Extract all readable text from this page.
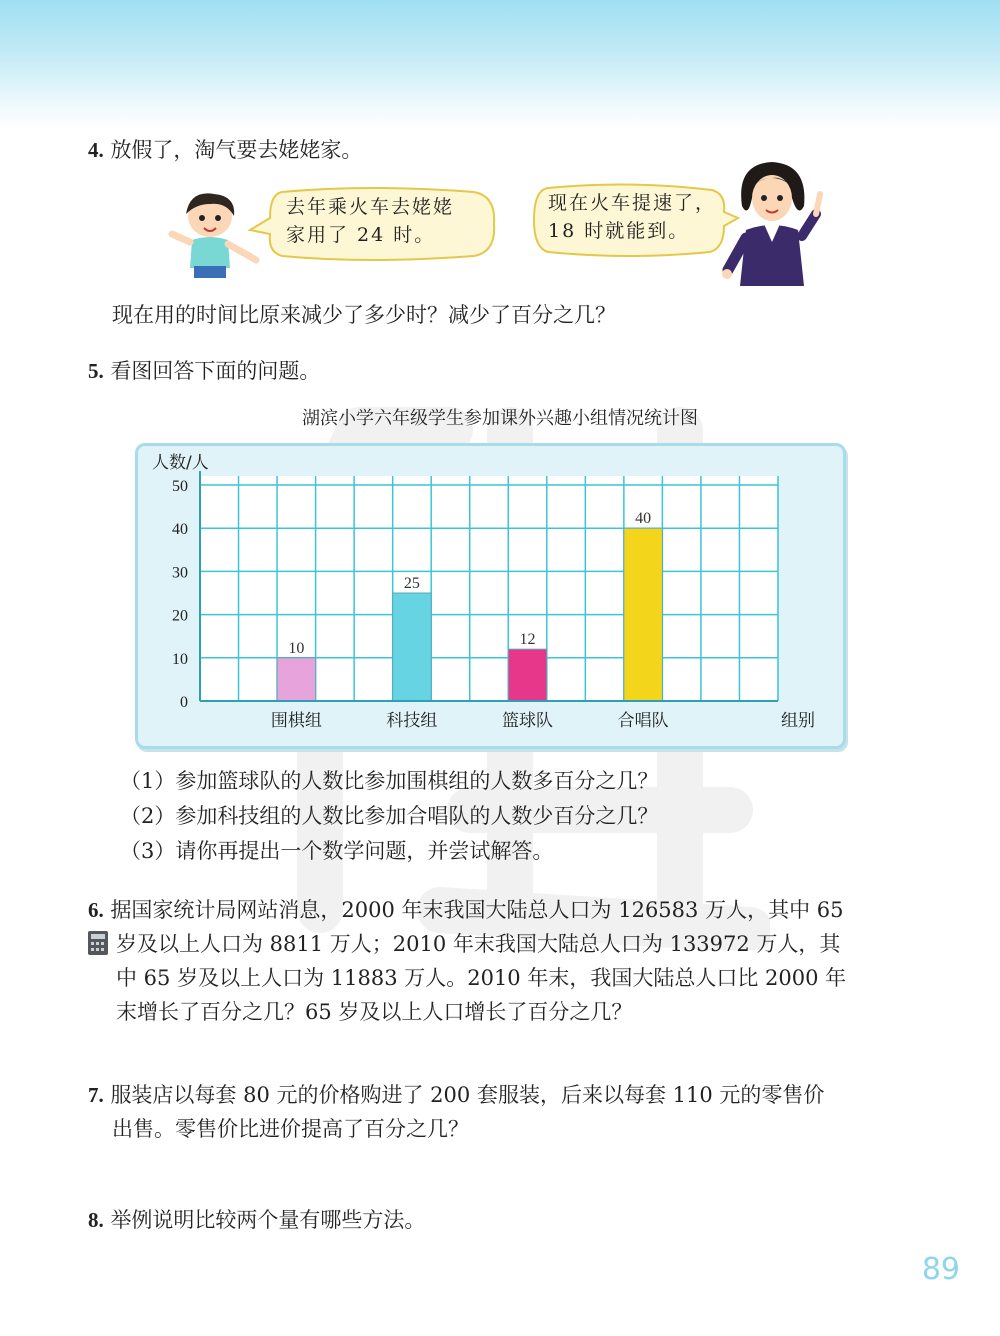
4. 放假了，淘气要去姥姥家。
去年乘火车去姥姥
家用了 24 时。
现在火车提速了，
18 时就能到。
现在用的时间比原来减少了多少时？减少了百分之几？
5. 看图回答下面的问题。
湖滨小学六年级学生参加课外兴趣小组情况统计图
10
围棋组
25
科技组
12
篮球队
40
合唱队
0
10
20
30
40
50
人数/人
组别
（1）参加篮球队的人数比参加围棋组的人数多百分之几？
（2）参加科技组的人数比参加合唱队的人数少百分之几？
（3）请你再提出一个数学问题，并尝试解答。
6. 据国家统计局网站消息，2000 年末我国大陆总人口为 126583 万人，其中 65
岁及以上人口为 8811 万人；2010 年末我国大陆总人口为 133972 万人，其
中 65 岁及以上人口为 11883 万人。2010 年末，我国大陆总人口比 2000 年
末增长了百分之几？65 岁及以上人口增长了百分之几？
7. 服装店以每套 80 元的价格购进了 200 套服装，后来以每套 110 元的零售价
出售。零售价比进价提高了百分之几？
8. 举例说明比较两个量有哪些方法。
89
